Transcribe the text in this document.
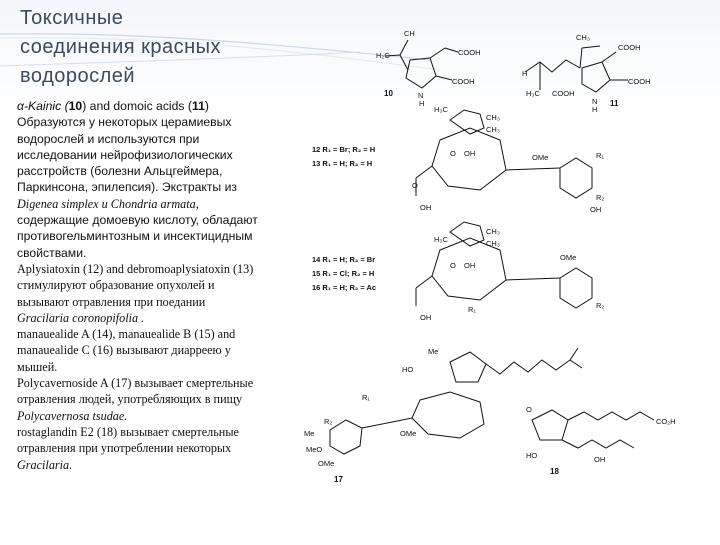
Токсичные
соединения красных
водорослей
α-Kainic (10) and domoic acids (11)
Образуются у некоторых церамиевых
водорослей и используются при
исследовании нейрофизиологических
расстройств (болезни Альцгеймера,
Паркинсона, эпилепсия). Экстракты из
Digenea simplex и Chondria armata,
содержащие домоевую кислоту, обладают
противогельминтозным и инсектицидным
свойствами.
Aplysiatoxin (12) and debromoaplysiatoxin (13)
стимулируют образование опухолей и
вызывают отравления при поедании
Gracilaria coronopifolia .
manauealide A (14), manauealide B (15) and
manauealide C (16) вызывают диарреею у
мышей.
Polycavernoside A (17) вызывает смертельные
отравления людей, употребляющих в пищу
Polycavernosa tsudae.
rostaglandin E2 (18) вызывает смертельные
отравления при употреблении некоторых
Gracilaria.
CH
H₂C	COOH
COOH
N
H
10
CH₃
COOH
COOH
H
H₃C COOH
N
H
11
H₃C
CH₃
CH₃
O OH	OMe	R₁
R₂
OH
O
OH
12 R₁ = Br; R₂ = H
13 R₁ = H; R₂ = H
H₃C
CH₃
CH₃
O OH
OMe
R₂
OH
R₁
14 R₁ = H; R₂ = Br
15 R₁ = Cl; R₂ = H
16 R₁ = H; R₂ = Ac
Me
HO
R₁
R₂
Me
MeO
OMe
OMe
17
O
CO₂H
HO	OH
18
